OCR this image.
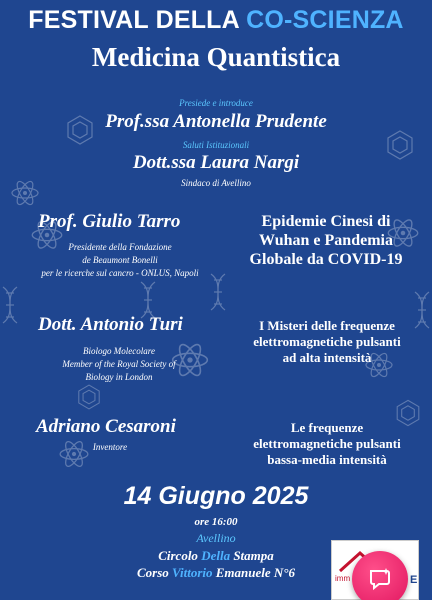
FESTIVAL DELLA CO-SCIENZA
Medicina Quantistica
Presiede e introduce
Prof.ssa Antonella Prudente
Saluti Istituzionali
Dott.ssa Laura Nargi
Sindaco di Avellino
Prof. Giulio Tarro
Presidente della Fondazione
de Beaumont Bonelli
per le ricerche sul cancro - ONLUS, Napoli
Epidemie Cinesi di
Wuhan e Pandemia
Globale da COVID-19
Dott. Antonio Turi
Biologo Molecolare
Member of the Royal Society of
Biology in London
I Misteri delle frequenze
elettromagnetiche pulsanti
ad alta intensità
Adriano Cesaroni
Inventore
Le frequenze
elettromagnetiche pulsanti
bassa-media intensità
14 Giugno 2025
ore 16:00
Avellino
Circolo Della Stampa
Corso Vittorio Emanuele N°6	imm	E
